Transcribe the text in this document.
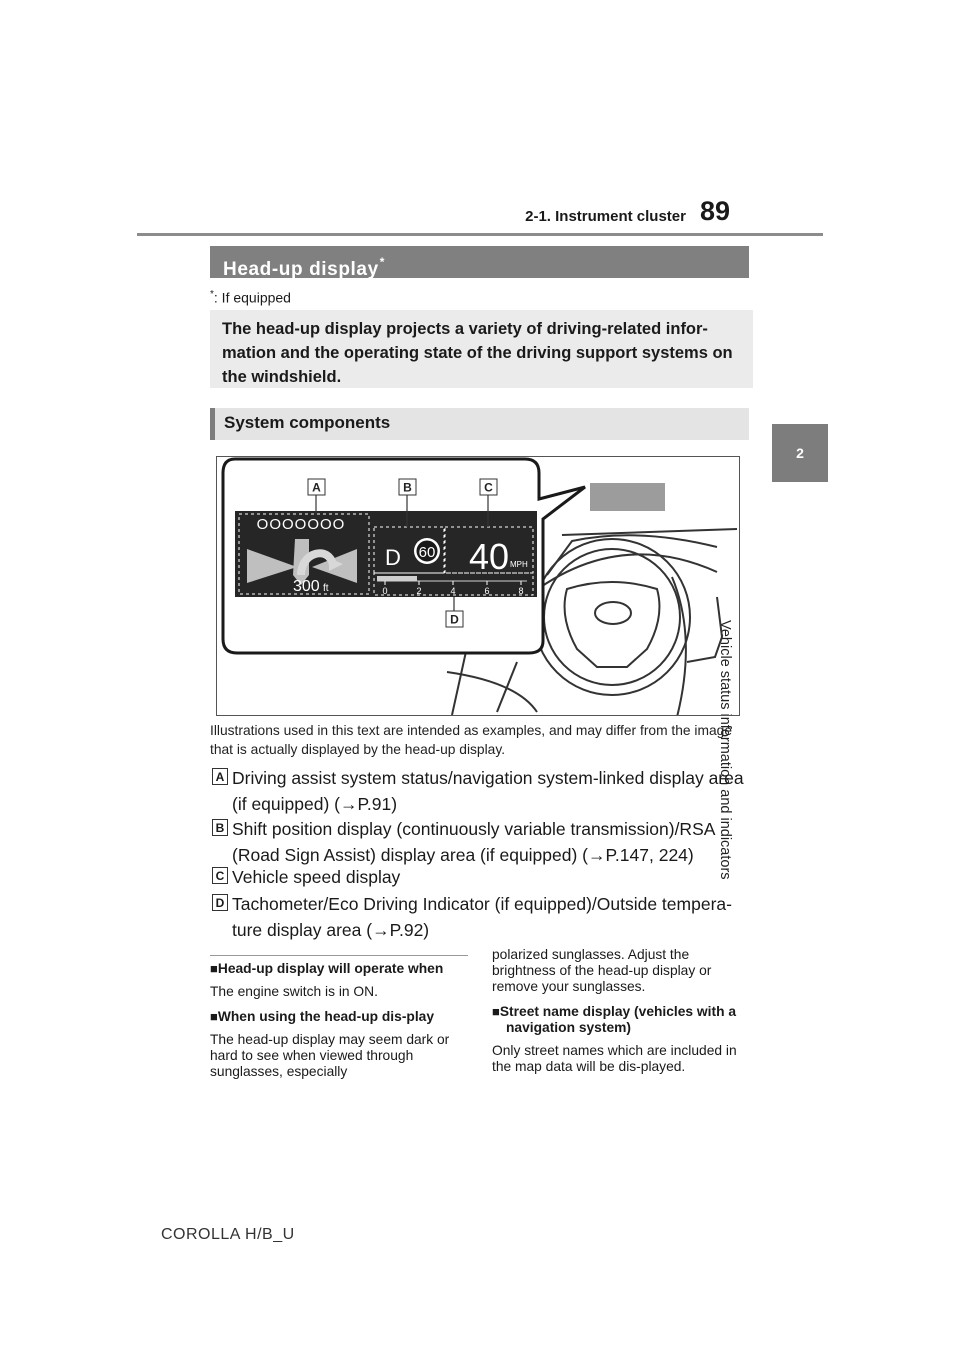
2-1. Instrument cluster 89
2
Vehicle status information and indicators
Head-up display*
*: If equipped
The head-up display projects a variety of driving-related infor-mation and the operating state of the driving support systems on the windshield.
System components
OOOOOOO
300 ft
D 60 40 MPH
0	2	4	6	8
A	B	C
D
Illustrations used in this text are intended as examples, and may differ from the image that is actually displayed by the head-up display.
A Driving assist system status/navigation system-linked display area (if equipped) (→P.91)
B Shift position display (continuously variable transmission)/RSA (Road Sign Assist) display area (if equipped) (→P.147, 224)
C Vehicle speed display
D Tachometer/Eco Driving Indicator (if equipped)/Outside tempera-ture display area (→P.92)

■Head-up display will operate when

The engine switch is in ON.

■When using the head-up dis-play

The head-up display may seem dark or hard to see when viewed through sunglasses, especially

polarized sunglasses. Adjust the brightness of the head-up display or remove your sunglasses.

■Street name display (vehicles with a navigation system)

Only street names which are included in the map data will be dis-played.

COROLLA H/B_U
